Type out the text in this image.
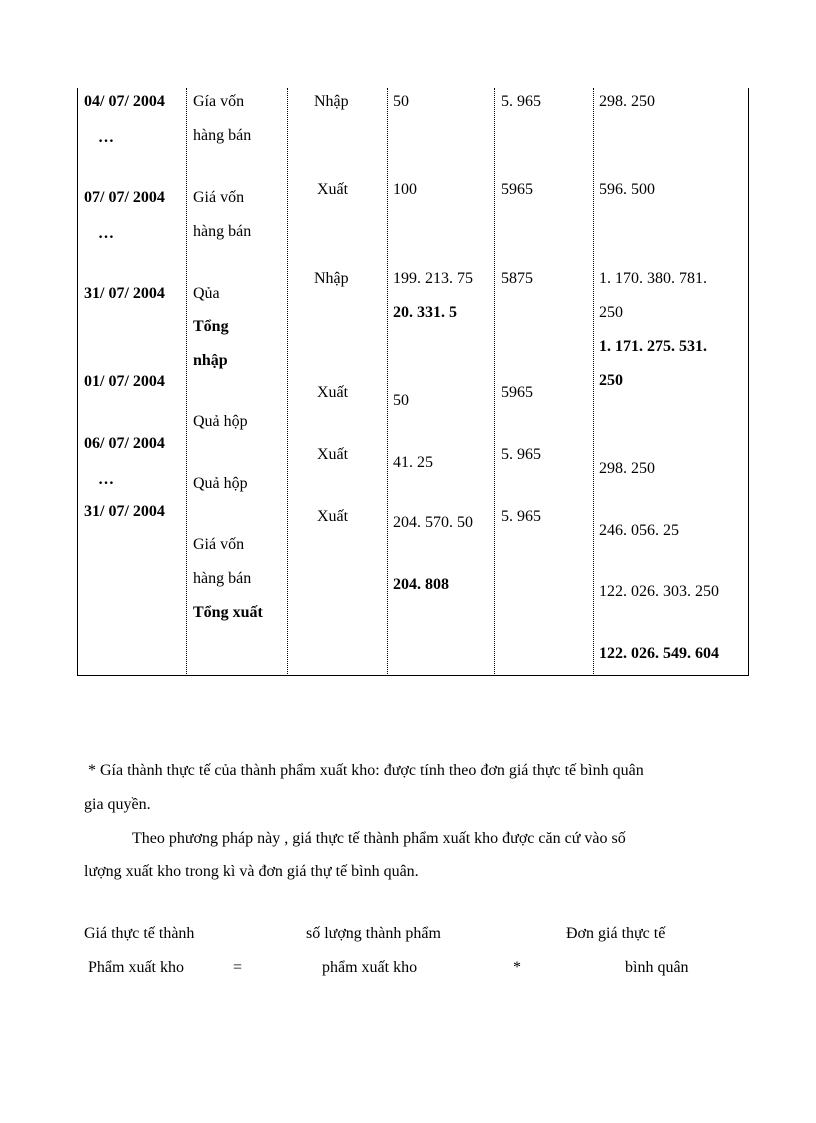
04/ 07/ 2004
…
07/ 07/ 2004
…
31/ 07/ 2004
01/ 07/ 2004
06/ 07/ 2004
…
31/ 07/ 2004
Gía vốn
hàng bán
Giá vốn
hàng bán
Qủa
Tổng
nhập
Quả hộp
Quả hộp
Giá vốn
hàng bán
Tổng xuất
Nhập
Xuất
Nhập
Xuất
Xuất
Xuất
50
100
199. 213. 75
20. 331. 5
50
41. 25
204. 570. 50
204. 808
5. 965
5965
5875
5965
5. 965
5. 965
298. 250
596. 500
1. 170. 380. 781.
250
1. 171. 275. 531.
250
298. 250
246. 056. 25
122. 026. 303. 250
122. 026. 549. 604
* Gía thành thực tế của thành phẩm xuất kho: được tính theo đơn giá thực tế bình quân
gia quyền.
Theo phương pháp này , giá thực tế thành phẩm xuất kho được căn cứ vào số
lượng xuất kho trong kì và đơn giá thự tế bình quân.
Giá thực tế thành
Phẩm xuất kho	=
số lượng thành phẩm
phẩm xuất kho	*
Đơn giá thực tế
bình quân
